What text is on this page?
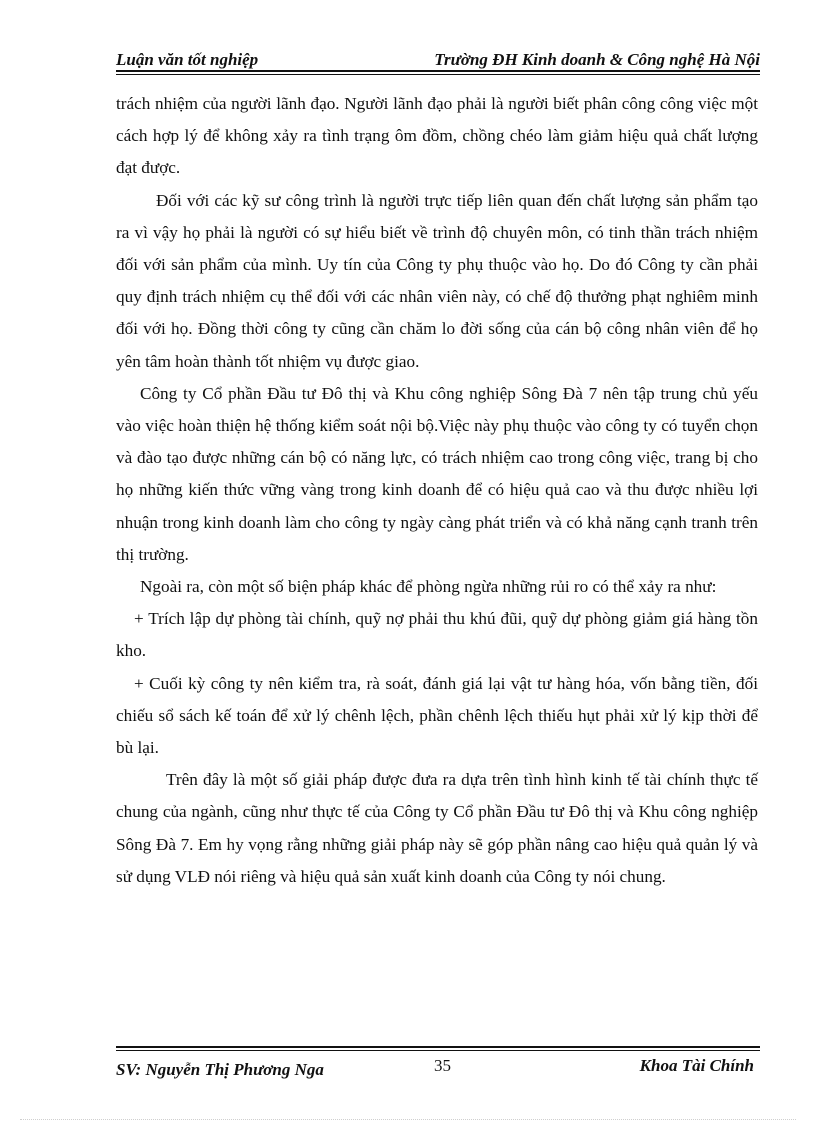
Luận văn tốt nghiệp	Trường ĐH Kinh doanh & Công nghệ Hà Nội

trách nhiệm của người lãnh đạo. Người lãnh đạo phải là người biết phân công công việc một cách hợp lý để không xảy ra tình trạng ôm đồm, chồng chéo làm giảm hiệu quả chất lượng đạt được.

Đối với các kỹ sư công trình là người trực tiếp liên quan đến chất lượng sản phẩm tạo ra vì vậy họ phải là người có sự hiểu biết về trình độ chuyên môn, có tinh thần trách nhiệm đối với sản phẩm của mình. Uy tín của Công ty phụ thuộc vào họ. Do đó Công ty cần phải quy định trách nhiệm cụ thể đối với các nhân viên này, có chế độ thưởng phạt nghiêm minh đối với họ. Đồng thời công ty cũng cần chăm lo đời sống của cán bộ công nhân viên để họ yên tâm hoàn thành tốt nhiệm vụ được giao.

Công ty Cổ phần Đầu tư Đô thị và Khu công nghiệp Sông Đà 7 nên tập trung chủ yếu vào việc hoàn thiện hệ thống kiểm soát nội bộ.Việc này phụ thuộc vào công ty có tuyển chọn và đào tạo được những cán bộ có năng lực, có trách nhiệm cao trong công việc, trang bị cho họ những kiến thức vững vàng trong kinh doanh để có hiệu quả cao và thu được nhiều lợi nhuận trong kinh doanh làm cho công ty ngày càng phát triển và có khả năng cạnh tranh trên thị trường.

Ngoài ra, còn một số biện pháp khác để phòng ngừa những rủi ro có thể xảy ra như:

+ Trích lập dự phòng tài chính, quỹ nợ phải thu khú đũi, quỹ dự phòng giảm giá hàng tồn kho.

+ Cuối kỳ công ty nên kiểm tra, rà soát, đánh giá lại vật tư hàng hóa, vốn bằng tiền, đối chiếu sổ sách kế toán để xử lý chênh lệch, phần chênh lệch thiếu hụt phải xử lý kịp thời để bù lại.

Trên đây là một số giải pháp được đưa ra dựa trên tình hình kinh tế tài chính thực tế chung của ngành, cũng như thực tế của Công ty Cổ phần Đầu tư Đô thị và Khu công nghiệp Sông Đà 7. Em hy vọng rằng những giải pháp này sẽ góp phần nâng cao hiệu quả quản lý và sử dụng VLĐ nói riêng và hiệu quả sản xuất kinh doanh của Công ty nói chung.

SV: Nguyễn Thị Phương Nga	35	Khoa Tài Chính
